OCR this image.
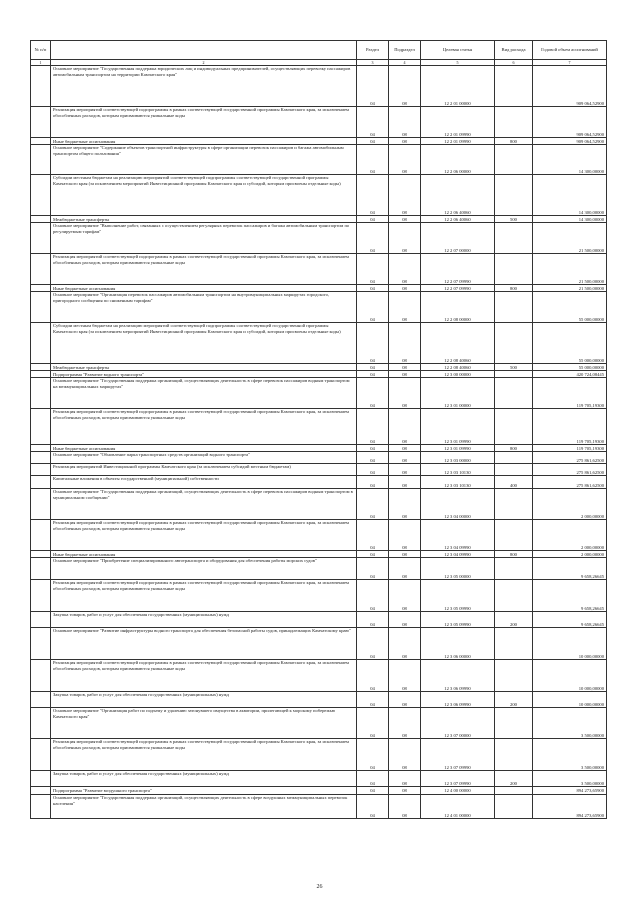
№ п/п		Раздел	Подраздел	Целевая статья	Вид расхода	Годовой объем ассигнований
1	2	3	4	5	6	7
	Основное мероприятие "Государственная поддержка юридических лиц и индивидуальных предпринимателей, осуществляющих перевозку пассажиров автомобильным транспортом на территории Камчатского края"	04	08	12 2 01 00000		909 064,52900
	Реализация мероприятий соответствующей подпрограммы в рамках соответствующей государственной программы Камчатского края, за исключением обособленных расходов, которым присваиваются уникальные коды	04	08	12 2 01 09990		909 064,52900
	Иные бюджетные ассигнования	04	08	12 2 01 09990	800	909 064,52900
	Основное мероприятие "Содержание объектов транспортной инфраструктуры в сфере организации перевозок пассажиров и багажа автомобильным транспортом общего пользования"	04	08	12 2 06 00000		14 300,00000
	Субсидии местным бюджетам на реализацию мероприятий соответствующей подпрограммы соответствующей государственной программы Камчатского края (за исключением мероприятий Инвестиционной программы Камчатского края и субсидий, которым присвоены отдельные коды)	04	08	12 2 06 40060		14 300,00000
	Межбюджетные трансферты	04	08	12 2 06 40060	500	14 300,00000
	Основное мероприятие "Выполнение работ, связанных с осуществлением регулярных перевозок пассажиров и багажа автомобильным транспортом по регулируемым тарифам"	04	08	12 2 07 00000		21 500,00000
	Реализация мероприятий соответствующей подпрограммы в рамках соответствующей государственной программы Камчатского края, за исключением обособленных расходов, которым присваиваются уникальные коды	04	08	12 2 07 09990		21 500,00000
	Иные бюджетные ассигнования	04	08	12 2 07 09990	800	21 500,00000
	Основное мероприятие "Организация перевозок пассажиров автомобильным транспортом на внутримуниципальных маршрутах городского, пригородного сообщения по сниженным тарифам"	04	08	12 2 08 00000		55 000,00000
	Субсидии местным бюджетам на реализацию мероприятий соответствующей подпрограммы соответствующей государственной программы Камчатского края (за исключением мероприятий Инвестиционной программы Камчатского края и субсидий, которым присвоены отдельные коды)	04	08	12 2 08 40060		55 000,00000
	Межбюджетные трансферты	04	08	12 2 08 40060	500	55 000,00000
	Подпрограмма "Развитие водного транспорта"	04	08	12 3 00 00000		420 724,08445
	Основное мероприятие "Государственная поддержка организаций, осуществляющих деятельность в сфере перевозок пассажиров водным транспортом на межмуниципальных маршрутах"	04	08	12 3 01 00000		119 705,19300
	Реализация мероприятий соответствующей подпрограммы в рамках соответствующей государственной программы Камчатского края, за исключением обособленных расходов, которым присваиваются уникальные коды	04	08	12 3 01 09990		119 705,19300
	Иные бюджетные ассигнования	04	08	12 3 01 09990	800	119 705,19300
	Основное мероприятие "Обновление парка транспортных средств организаций водного транспорта"	04	08	12 3 03 00000		275 861,62500
	Реализация мероприятий Инвестиционной программы Камчатского края (за исключением субсидий местным бюджетам)	04	08	12 3 03 10130		275 861,62500
	Капитальные вложения в объекты государственной (муниципальной) собственности	04	08	12 3 03 10130	400	275 861,62500
	Основное мероприятие "Государственная поддержка организаций, осуществляющих деятельность в сфере перевозок пассажиров водным транспортом в муниципальном сообщении"	04	08	12 3 04 00000		2 000,00000
	Реализация мероприятий соответствующей подпрограммы в рамках соответствующей государственной программы Камчатского края, за исключением обособленных расходов, которым присваиваются уникальные коды	04	08	12 3 04 09990		2 000,00000
	Иные бюджетные ассигнования	04	08	12 3 04 09990	800	2 000,00000
	Основное мероприятие "Приобретение специализированного автотранспорта и оборудования для обеспечения работы морских судов"	04	08	12 3 05 00000		9 658,26645
	Реализация мероприятий соответствующей подпрограммы в рамках соответствующей государственной программы Камчатского края, за исключением обособленных расходов, которым присваиваются уникальные коды	04	08	12 3 05 09990		9 658,26645
	Закупка товаров, работ и услуг для обеспечения государственных (муниципальных) нужд	04	08	12 3 05 09990	200	9 658,26645
	Основное мероприятие "Развитие инфраструктуры водного транспорта для обеспечения безопасной работы судов, принадлежащих Камчатскому краю"	04	08	12 3 06 00000		10 000,00000
	Реализация мероприятий соответствующей подпрограммы в рамках соответствующей государственной программы Камчатского края, за исключением обособленных расходов, которым присваиваются уникальные коды	04	08	12 3 06 09990		10 000,00000
	Закупка товаров, работ и услуг для обеспечения государственных (муниципальных) нужд	04	08	12 3 06 09990	200	10 000,00000
	Основное мероприятие "Организация работ по подъему и удалению затонувшего имущества в акватории, прилегающей к морскому побережью Камчатского края"	04	08	12 3 07 00000		3 500,00000
	Реализация мероприятий соответствующей подпрограммы в рамках соответствующей государственной программы Камчатского края, за исключением обособленных расходов, которым присваиваются уникальные коды	04	08	12 3 07 09990		3 500,00000
	Закупка товаров, работ и услуг для обеспечения государственных (муниципальных) нужд	04	08	12 3 07 09990	200	3 500,00000
	Подпрограмма "Развитие воздушного транспорта"	04	08	12 4 00 00000		894 273,65900
	Основное мероприятие "Государственная поддержка организаций, осуществляющих деятельность в сфере воздушных межмуниципальных перевозок населения"	04	08	12 4 01 00000		894 273,65900
26
